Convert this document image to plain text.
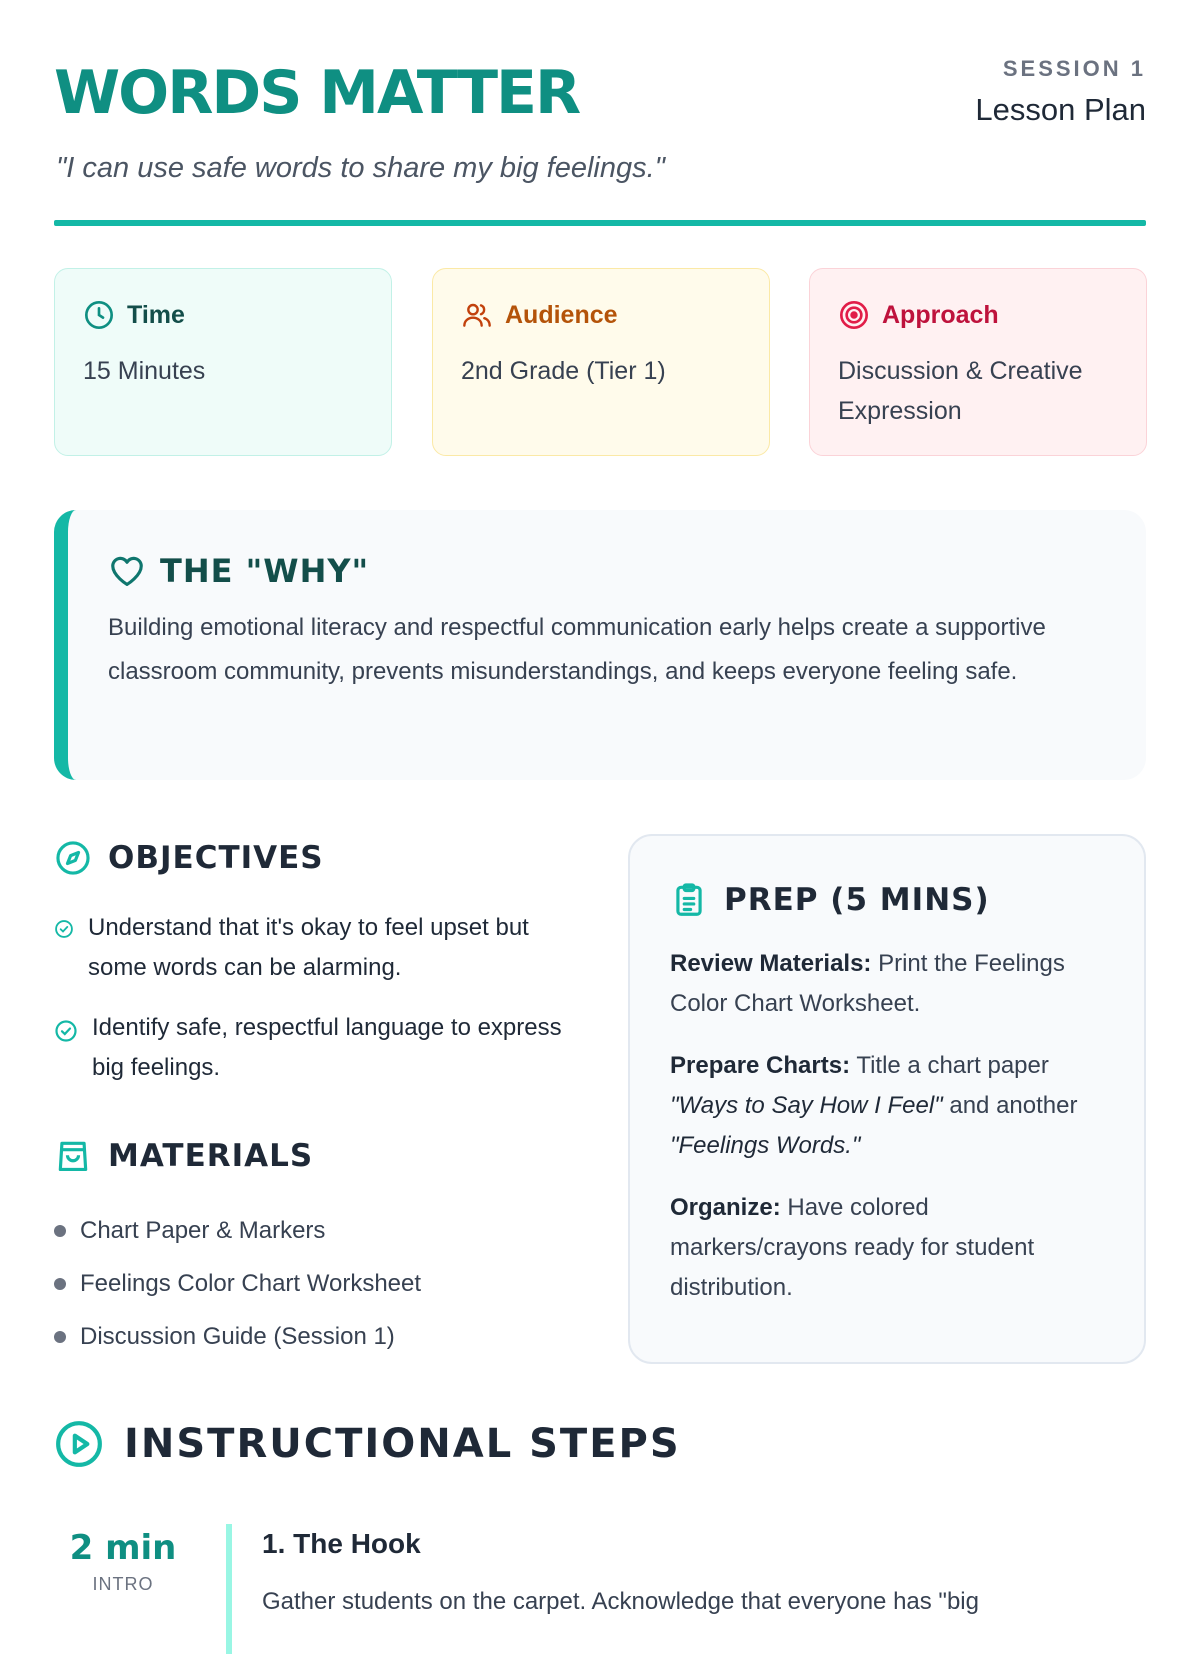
WORDS MATTER

"I can use safe words to share my big feelings."

SESSION 1
Lesson Plan
Time
15 Minutes
Audience
2nd Grade (Tier 1)
Approach
Discussion & Creative Expression
THE "WHY"
Building emotional literacy and respectful communication early helps create a supportive classroom community, prevents misunderstandings, and keeps everyone feeling safe.
OBJECTIVES
Understand that it's okay to feel upset but some words can be alarming.
Identify safe, respectful language to express big feelings.
MATERIALS
Chart Paper & Markers
Feelings Color Chart Worksheet
Discussion Guide (Session 1)
PREP (5 MINS)
Review Materials: Print the Feelings Color Chart Worksheet.
Prepare Charts: Title a chart paper "Ways to Say How I Feel" and another "Feelings Words."
Organize: Have colored markers/crayons ready for student distribution.
INSTRUCTIONAL STEPS
2 min
INTRO
1. The Hook
Gather students on the carpet. Acknowledge that everyone has "big
